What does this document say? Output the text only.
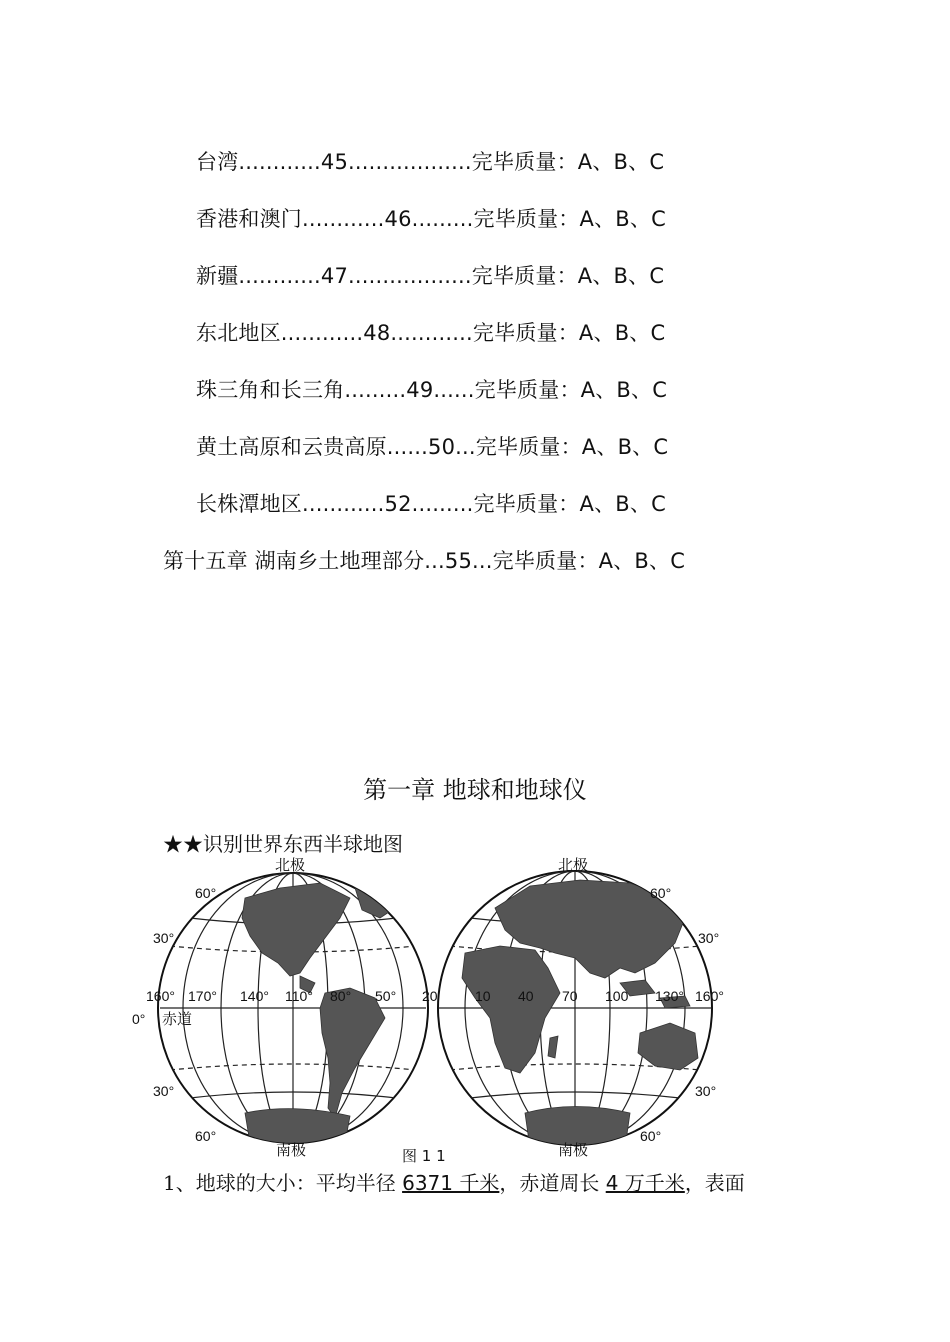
台湾............45..................完毕质量：A、B、C
香港和澳门............46.........完毕质量：A、B、C
新疆............47..................完毕质量：A、B、C
东北地区............48............完毕质量：A、B、C
珠三角和长三角.........49......完毕质量：A、B、C
黄土高原和云贵高原......50...完毕质量：A、B、C
长株潭地区............52.........完毕质量：A、B、C
第十五章 湖南乡土地理部分...55...完毕质量：A、B、C
第一章 地球和地球仪
★★识别世界东西半球地图
北极
南极
60°
30°
30°
60°
0° 赤道
160° 170° 140° 110° 80° 50°
北极
南极
60°
30°
30°
60°
20	10 40 70 100 130° 160°
图 1 1
1、地球的大小：平均半径 6371 千米，赤道周长 4 万千米，表面
